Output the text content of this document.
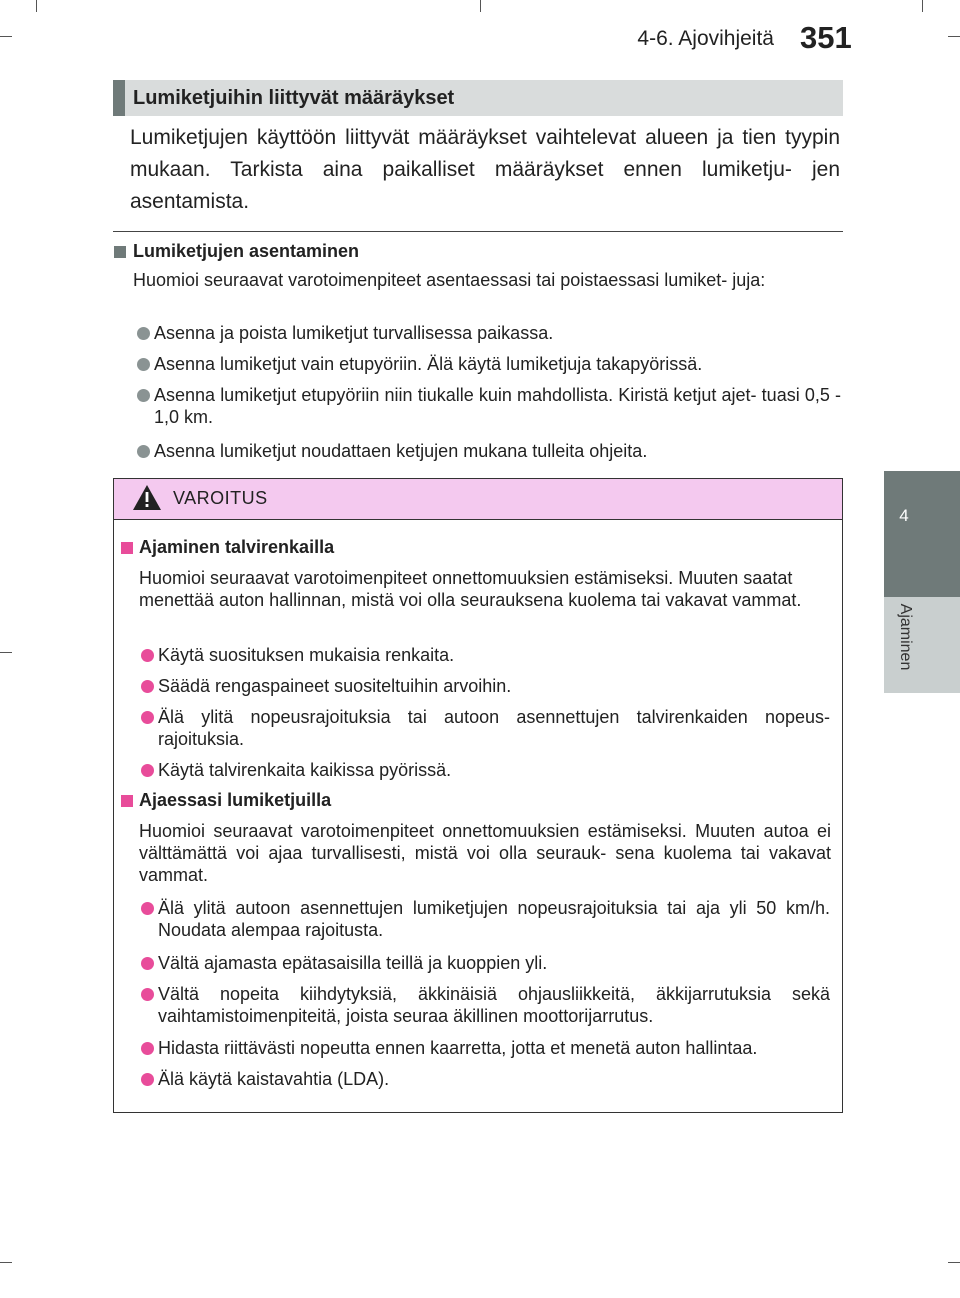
4-6. Ajovihjeitä 351
4
Ajaminen
Lumiketjuihin liittyvät määräykset
Lumiketjujen käyttöön liittyvät määräykset vaihtelevat alueen ja tien tyypin mukaan. Tarkista aina paikalliset määräykset ennen lumiketju- jen asentamista.
Lumiketjujen asentaminen
Huomioi seuraavat varotoimenpiteet asentaessasi tai poistaessasi lumiket- juja:
Asenna ja poista lumiketjut turvallisessa paikassa.
Asenna lumiketjut vain etupyöriin. Älä käytä lumiketjuja takapyörissä.
Asenna lumiketjut etupyöriin niin tiukalle kuin mahdollista. Kiristä ketjut ajet- tuasi 0,5 - 1,0 km.
Asenna lumiketjut noudattaen ketjujen mukana tulleita ohjeita.
VAROITUS
Ajaminen talvirenkailla
Huomioi seuraavat varotoimenpiteet onnettomuuksien estämiseksi. Muuten saatat menettää auton hallinnan, mistä voi olla seurauksena kuolema tai vakavat vammat.
Käytä suosituksen mukaisia renkaita.
Säädä rengaspaineet suositeltuihin arvoihin.
Älä ylitä nopeusrajoituksia tai autoon asennettujen talvirenkaiden nopeus- rajoituksia.
Käytä talvirenkaita kaikissa pyörissä.
Ajaessasi lumiketjuilla
Huomioi seuraavat varotoimenpiteet onnettomuuksien estämiseksi. Muuten autoa ei välttämättä voi ajaa turvallisesti, mistä voi olla seurauk- sena kuolema tai vakavat vammat.
Älä ylitä autoon asennettujen lumiketjujen nopeusrajoituksia tai aja yli 50 km/h. Noudata alempaa rajoitusta.
Vältä ajamasta epätasaisilla teillä ja kuoppien yli.
Vältä nopeita kiihdytyksiä, äkkinäisiä ohjausliikkeitä, äkkijarrutuksia sekä vaihtamistoimenpiteitä, joista seuraa äkillinen moottorijarrutus.
Hidasta riittävästi nopeutta ennen kaarretta, jotta et menetä auton hallintaa.
Älä käytä kaistavahtia (LDA).
